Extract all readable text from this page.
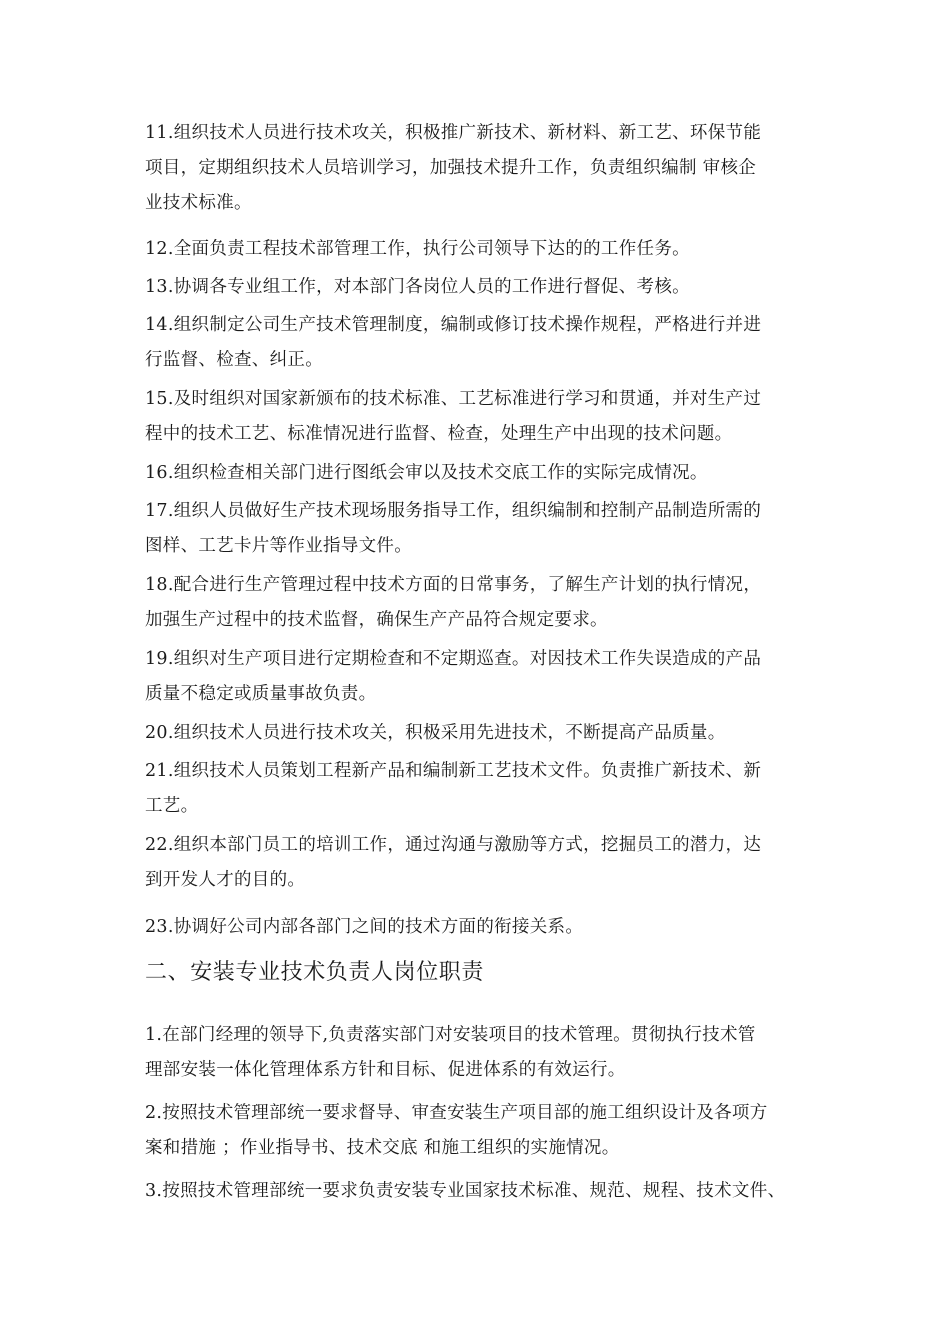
11.组织技术人员进行技术攻关，积极推广新技术、新材料、新工艺、环保节能
项目，定期组织技术人员培训学习，加强技术提升工作，负责组织编制 审核企
业技术标准。
12.全面负责工程技术部管理工作，执行公司领导下达的的工作任务。
13.协调各专业组工作，对本部门各岗位人员的工作进行督促、考核。
14.组织制定公司生产技术管理制度，编制或修订技术操作规程，严格进行并进
行监督、检查、纠正。
15.及时组织对国家新颁布的技术标准、工艺标准进行学习和贯通，并对生产过
程中的技术工艺、标准情况进行监督、检查，处理生产中出现的技术问题。
16.组织检查相关部门进行图纸会审以及技术交底工作的实际完成情况。
17.组织人员做好生产技术现场服务指导工作，组织编制和控制产品制造所需的
图样、工艺卡片等作业指导文件。
18.配合进行生产管理过程中技术方面的日常事务，了解生产计划的执行情况，
加强生产过程中的技术监督，确保生产产品符合规定要求。
19.组织对生产项目进行定期检查和不定期巡查。对因技术工作失误造成的产品
质量不稳定或质量事故负责。
20.组织技术人员进行技术攻关，积极采用先进技术，不断提高产品质量。
21.组织技术人员策划工程新产品和编制新工艺技术文件。负责推广新技术、新
工艺。
22.组织本部门员工的培训工作，通过沟通与激励等方式，挖掘员工的潜力，达
到开发人才的目的。
23.协调好公司内部各部门之间的技术方面的衔接关系。
二、安装专业技术负责人岗位职责
1.在部门经理的领导下,负责落实部门对安装项目的技术管理。贯彻执行技术管
理部安装一体化管理体系方针和目标、促进体系的有效运行。
2.按照技术管理部统一要求督导、审查安装生产项目部的施工组织设计及各项方
案和措施 ；作业指导书、技术交底 和施工组织的实施情况。
3.按照技术管理部统一要求负责安装专业国家技术标准、规范、规程、技术文件、
